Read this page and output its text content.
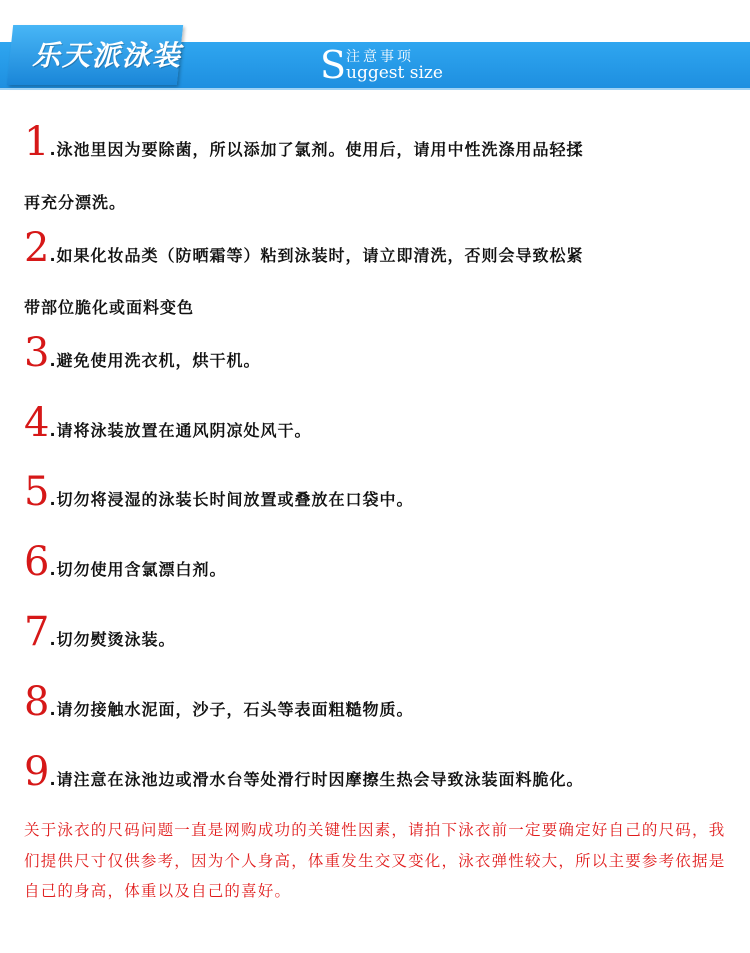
乐天派泳装	S 注意事项
uggest size
1.泳池里因为要除菌，所以添加了氯剂。使用后，请用中性洗涤用品轻揉
再充分漂洗。
2.如果化妆品类（防晒霜等）粘到泳装时，请立即清洗，否则会导致松紧
带部位脆化或面料变色
3.避免使用洗衣机，烘干机。
4.请将泳装放置在通风阴凉处风干。
5.切勿将浸湿的泳装长时间放置或叠放在口袋中。
6.切勿使用含氯漂白剂。
7.切勿熨烫泳装。
8.请勿接触水泥面，沙子，石头等表面粗糙物质。
9.请注意在泳池边或滑水台等处滑行时因摩擦生热会导致泳装面料脆化。
关于泳衣的尺码问题一直是网购成功的关键性因素，请拍下泳衣前一定要确定好自己的尺码，我们提供尺寸仅供参考，因为个人身高，体重发生交叉变化，泳衣弹性较大，所以主要参考依据是自己的身高，体重以及自己的喜好。
